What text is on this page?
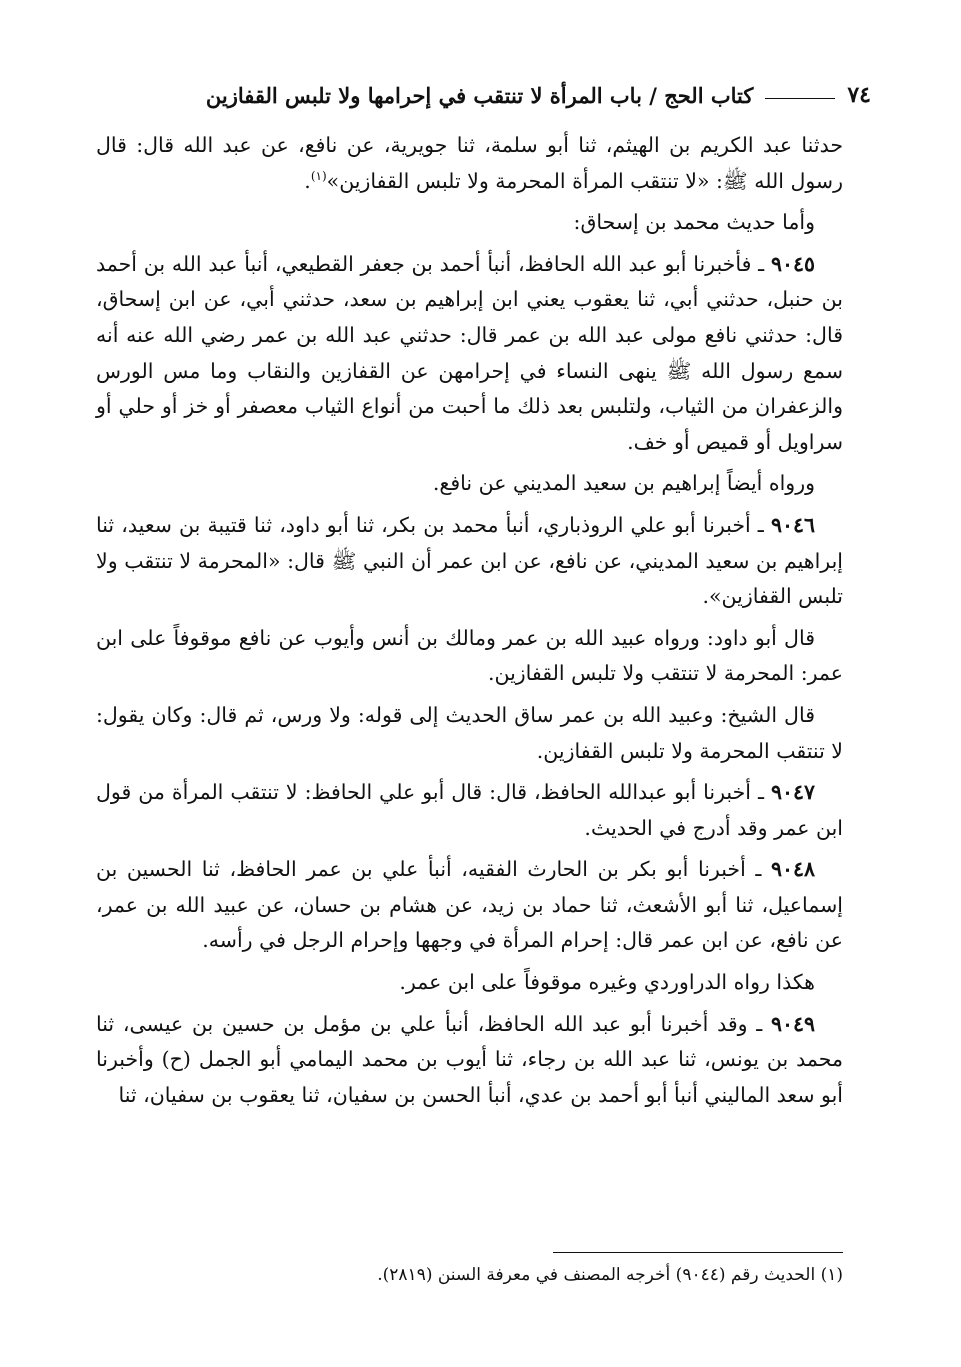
٧٤
كتاب الحج / باب المرأة لا تنتقب في إحرامها ولا تلبس القفازين

حدثنا عبد الكريم بن الهيثم، ثنا أبو سلمة، ثنا جويرية، عن نافع، عن عبد الله قال: قال رسول الله ﷺ: «لا تنتقب المرأة المحرمة ولا تلبس القفازين»$^{(١)}$.

وأما حديث محمد بن إسحاق:

٩٠٤٥ ـ فأخبرنا أبو عبد الله الحافظ، أنبأ أحمد بن جعفر القطيعي، أنبأ عبد الله بن أحمد بن حنبل، حدثني أبي، ثنا يعقوب يعني ابن إبراهيم بن سعد، حدثني أبي، عن ابن إسحاق، قال: حدثني نافع مولى عبد الله بن عمر قال: حدثني عبد الله بن عمر رضي الله عنه أنه سمع رسول الله ﷺ ينهى النساء في إحرامهن عن القفازين والنقاب وما مس الورس والزعفران من الثياب، ولتلبس بعد ذلك ما أحبت من أنواع الثياب معصفر أو خز أو حلي أو سراويل أو قميص أو خف.

ورواه أيضاً إبراهيم بن سعيد المديني عن نافع.

٩٠٤٦ ـ أخبرنا أبو علي الروذباري، أنبأ محمد بن بكر، ثنا أبو داود، ثنا قتيبة بن سعيد، ثنا إبراهيم بن سعيد المديني، عن نافع، عن ابن عمر أن النبي ﷺ قال: «المحرمة لا تنتقب ولا تلبس القفازين».

قال أبو داود: ورواه عبيد الله بن عمر ومالك بن أنس وأيوب عن نافع موقوفاً على ابن عمر: المحرمة لا تنتقب ولا تلبس القفازين.

قال الشيخ: وعبيد الله بن عمر ساق الحديث إلى قوله: ولا ورس، ثم قال: وكان يقول: لا تنتقب المحرمة ولا تلبس القفازين.

٩٠٤٧ ـ أخبرنا أبو عبدالله الحافظ، قال: قال أبو علي الحافظ: لا تنتقب المرأة من قول ابن عمر وقد أدرج في الحديث.

٩٠٤٨ ـ أخبرنا أبو بكر بن الحارث الفقيه، أنبأ علي بن عمر الحافظ، ثنا الحسين بن إسماعيل، ثنا أبو الأشعث، ثنا حماد بن زيد، عن هشام بن حسان، عن عبيد الله بن عمر، عن نافع، عن ابن عمر قال: إحرام المرأة في وجهها وإحرام الرجل في رأسه.

هكذا رواه الدراوردي وغيره موقوفاً على ابن عمر.

٩٠٤٩ ـ وقد أخبرنا أبو عبد الله الحافظ، أنبأ علي بن مؤمل بن حسين بن عيسى، ثنا محمد بن يونس، ثنا عبد الله بن رجاء، ثنا أيوب بن محمد اليمامي أبو الجمل (ح) وأخبرنا أبو سعد الماليني أنبأ أبو أحمد بن عدي، أنبأ الحسن بن سفيان، ثنا يعقوب بن سفيان، ثنا

(١) الحديث رقم (٩٠٤٤) أخرجه المصنف في معرفة السنن (٢٨١٩).
